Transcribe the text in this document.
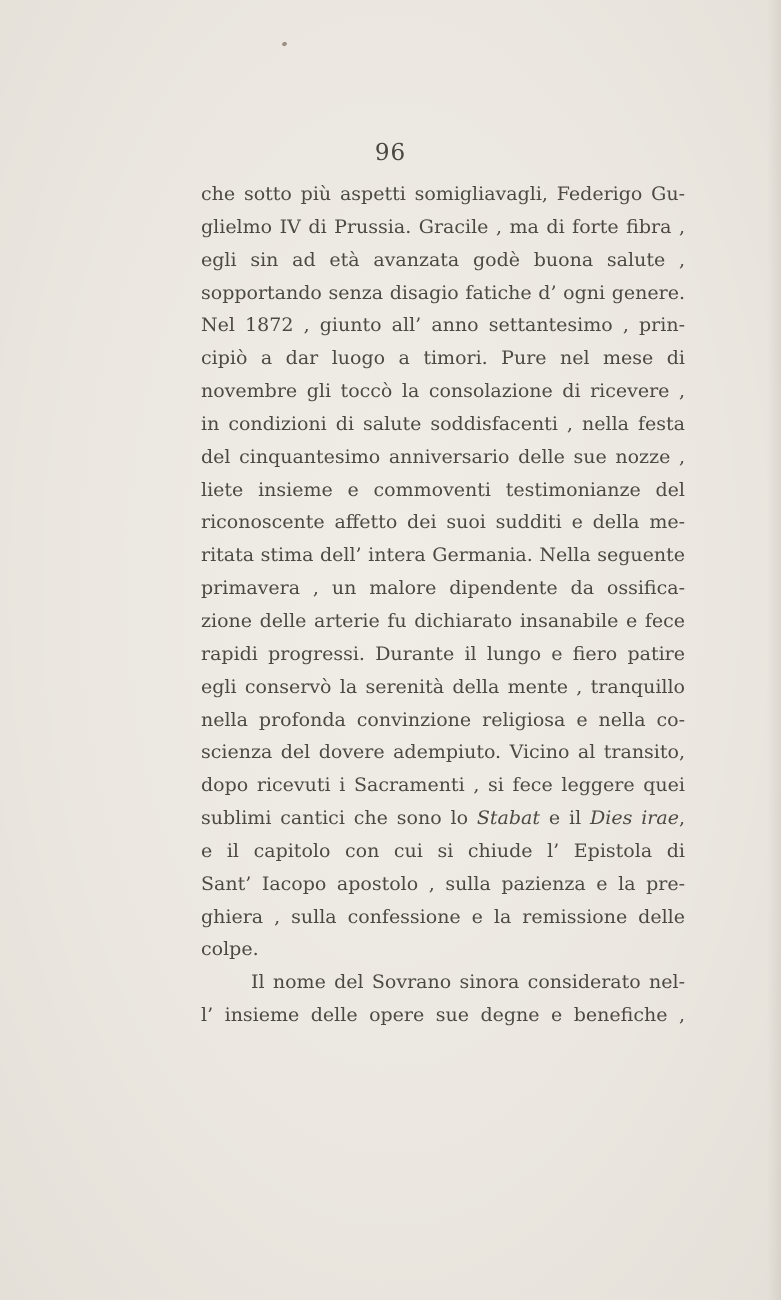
96
che sotto più aspetti somigliavagli, Federigo Gu-
glielmo IV di Prussia. Gracile , ma di forte fibra ,
egli sin ad età avanzata godè buona salute ,
sopportando senza disagio fatiche d’ ogni genere.
Nel 1872 , giunto all’ anno settantesimo , prin-
cipiò a dar luogo a timori. Pure nel mese di
novembre gli toccò la consolazione di ricevere ,
in condizioni di salute soddisfacenti , nella festa
del cinquantesimo anniversario delle sue nozze ,
liete insieme e commoventi testimonianze del
riconoscente affetto dei suoi sudditi e della me-
ritata stima dell’ intera Germania. Nella seguente
primavera , un malore dipendente da ossifica-
zione delle arterie fu dichiarato insanabile e fece
rapidi progressi. Durante il lungo e fiero patire
egli conservò la serenità della mente , tranquillo
nella profonda convinzione religiosa e nella co-
scienza del dovere adempiuto. Vicino al transito,
dopo ricevuti i Sacramenti , si fece leggere quei
sublimi cantici che sono lo Stabat e il Dies irae,
e il capitolo con cui si chiude l’ Epistola di
Sant’ Iacopo apostolo , sulla pazienza e la pre-
ghiera , sulla confessione e la remissione delle
colpe.
Il nome del Sovrano sinora considerato nel-
l’ insieme delle opere sue degne e benefiche ,
